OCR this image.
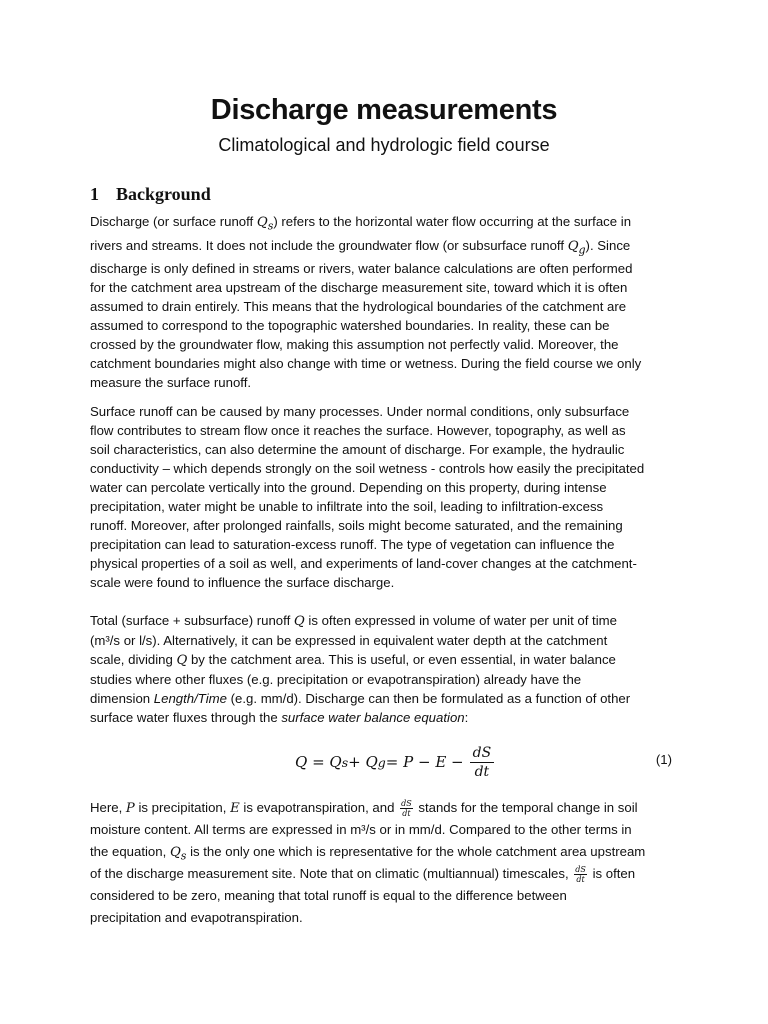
Discharge measurements
Climatological and hydrologic field course
1 Background

Discharge (or surface runoff $Q_s$) refers to the horizontal water flow occurring at the surface in
rivers and streams. It does not include the groundwater flow (or subsurface runoff $Q_g$). Since
discharge is only defined in streams or rivers, water balance calculations are often performed
for the catchment area upstream of the discharge measurement site, toward which it is often
assumed to drain entirely. This means that the hydrological boundaries of the catchment are
assumed to correspond to the topographic watershed boundaries. In reality, these can be
crossed by the groundwater flow, making this assumption not perfectly valid. Moreover, the
catchment boundaries might also change with time or wetness. During the field course we only
measure the surface runoff.

Surface runoff can be caused by many processes. Under normal conditions, only subsurface
flow contributes to stream flow once it reaches the surface. However, topography, as well as
soil characteristics, can also determine the amount of discharge. For example, the hydraulic
conductivity – which depends strongly on the soil wetness - controls how easily the precipitated
water can percolate vertically into the ground. Depending on this property, during intense
precipitation, water might be unable to infiltrate into the soil, leading to infiltration-excess
runoff. Moreover, after prolonged rainfalls, soils might become saturated, and the remaining
precipitation can lead to saturation-excess runoff. The type of vegetation can influence the
physical properties of a soil as well, and experiments of land-cover changes at the catchment-
scale were found to influence the surface discharge.

Total (surface + subsurface) runoff Q is often expressed in volume of water per unit of time
(m³/s or l/s). Alternatively, it can be expressed in equivalent water depth at the catchment
scale, dividing Q by the catchment area. This is useful, or even essential, in water balance
studies where other fluxes (e.g. precipitation or evapotranspiration) already have the
dimension Length/Time (e.g. mm/d). Discharge can then be formulated as a function of other
surface water fluxes through the surface water balance equation:

Q = Q s + Q $g = P - E - \frac{dS}{dt}$	(1)

Here, P is precipitation, E is evapotranspiration, and $\frac{dS}{dt}$ stands for the temporal change in soil
moisture content. All terms are expressed in m³/s or in mm/d. Compared to the other terms in
the equation, $Q_s$ is the only one which is representative for the whole catchment area upstream
of the discharge measurement site. Note that on climatic (multiannual) timescales, $\frac{dS}{dt}$ is often
considered to be zero, meaning that total runoff is equal to the difference between
precipitation and evapotranspiration.
